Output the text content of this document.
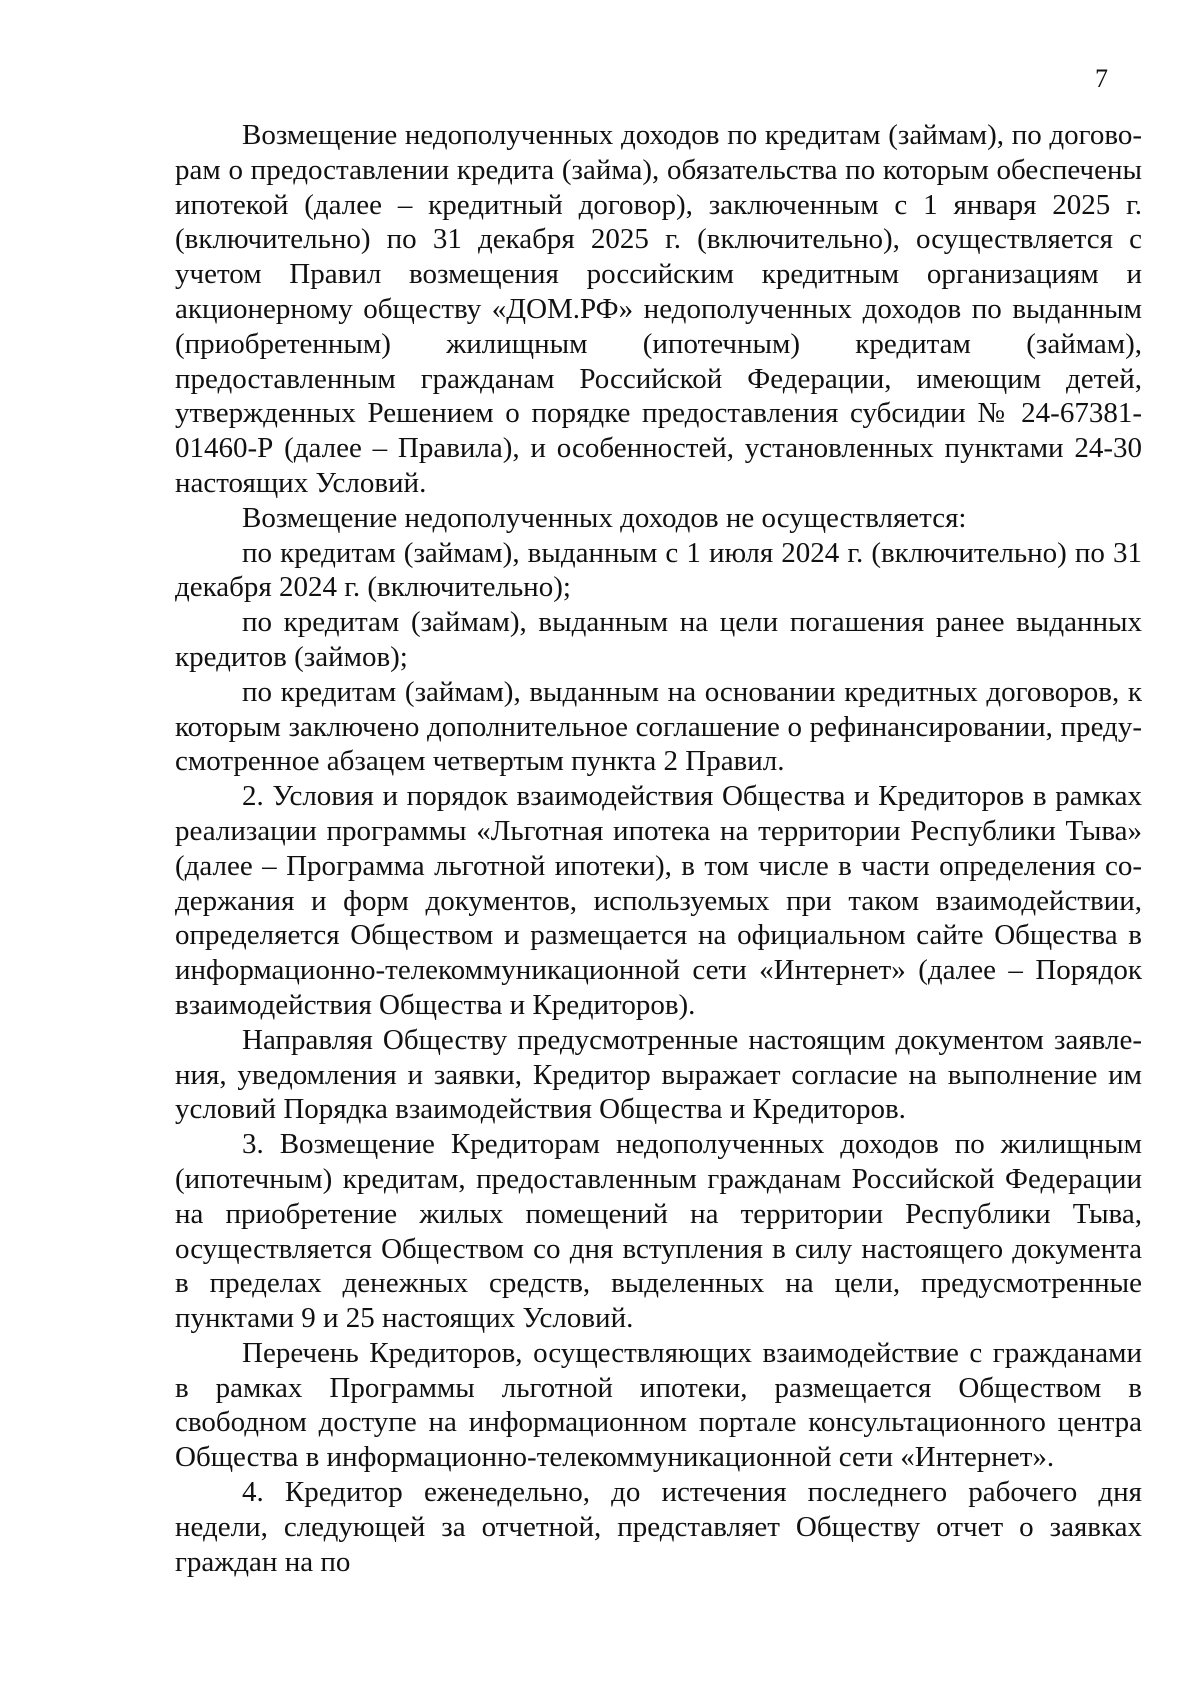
7

Возмещение недополученных доходов по кредитам (займам), по договорам о предоставлении кредита (займа), обязательства по которым обеспечены ипотекой (далее – кредитный договор), заключенным с 1 января 2025 г. (включительно) по 31 декабря 2025 г. (включительно), осуществляется с учетом Правил возмещения российским кредитным организациям и акционерному обществу «ДОМ.РФ» недополученных доходов по выданным (приобретенным) жилищным (ипотечным) кредитам (займам), предоставленным гражданам Российской Федерации, имеющим детей, утвержденных Решением о порядке предоставления субсидии № 24-67381-01460-Р (далее – Правила), и особенностей, установленных пунктами 24-30 настоящих Условий.

Возмещение недополученных доходов не осуществляется:

по кредитам (займам), выданным с 1 июля 2024 г. (включительно) по 31 декабря 2024 г. (включительно);

по кредитам (займам), выданным на цели погашения ранее выданных кредитов (займов);

по кредитам (займам), выданным на основании кредитных договоров, к которым заключено дополнительное соглашение о рефинансировании, предусмотренное абзацем четвертым пункта 2 Правил.

2. Условия и порядок взаимодействия Общества и Кредиторов в рамках реализации программы «Льготная ипотека на территории Республики Тыва» (далее – Программа льготной ипотеки), в том числе в части определения содержания и форм документов, используемых при таком взаимодействии, определяется Обществом и размещается на официальном сайте Общества в информационно-телекоммуникационной сети «Интернет» (далее – Порядок взаимодействия Общества и Кредиторов).

Направляя Обществу предусмотренные настоящим документом заявления, уведомления и заявки, Кредитор выражает согласие на выполнение им условий Порядка взаимодействия Общества и Кредиторов.

3. Возмещение Кредиторам недополученных доходов по жилищным (ипотечным) кредитам, предоставленным гражданам Российской Федерации на приобретение жилых помещений на территории Республики Тыва, осуществляется Обществом со дня вступления в силу настоящего документа в пределах денежных средств, выделенных на цели, предусмотренные пунктами 9 и 25 настоящих Условий.

Перечень Кредиторов, осуществляющих взаимодействие с гражданами в рамках Программы льготной ипотеки, размещается Обществом в свободном доступе на информационном портале консультационного центра Общества в информационно-телекоммуникационной сети «Интернет».

4. Кредитор еженедельно, до истечения последнего рабочего дня недели, следующей за отчетной, представляет Обществу отчет о заявках граждан на по
